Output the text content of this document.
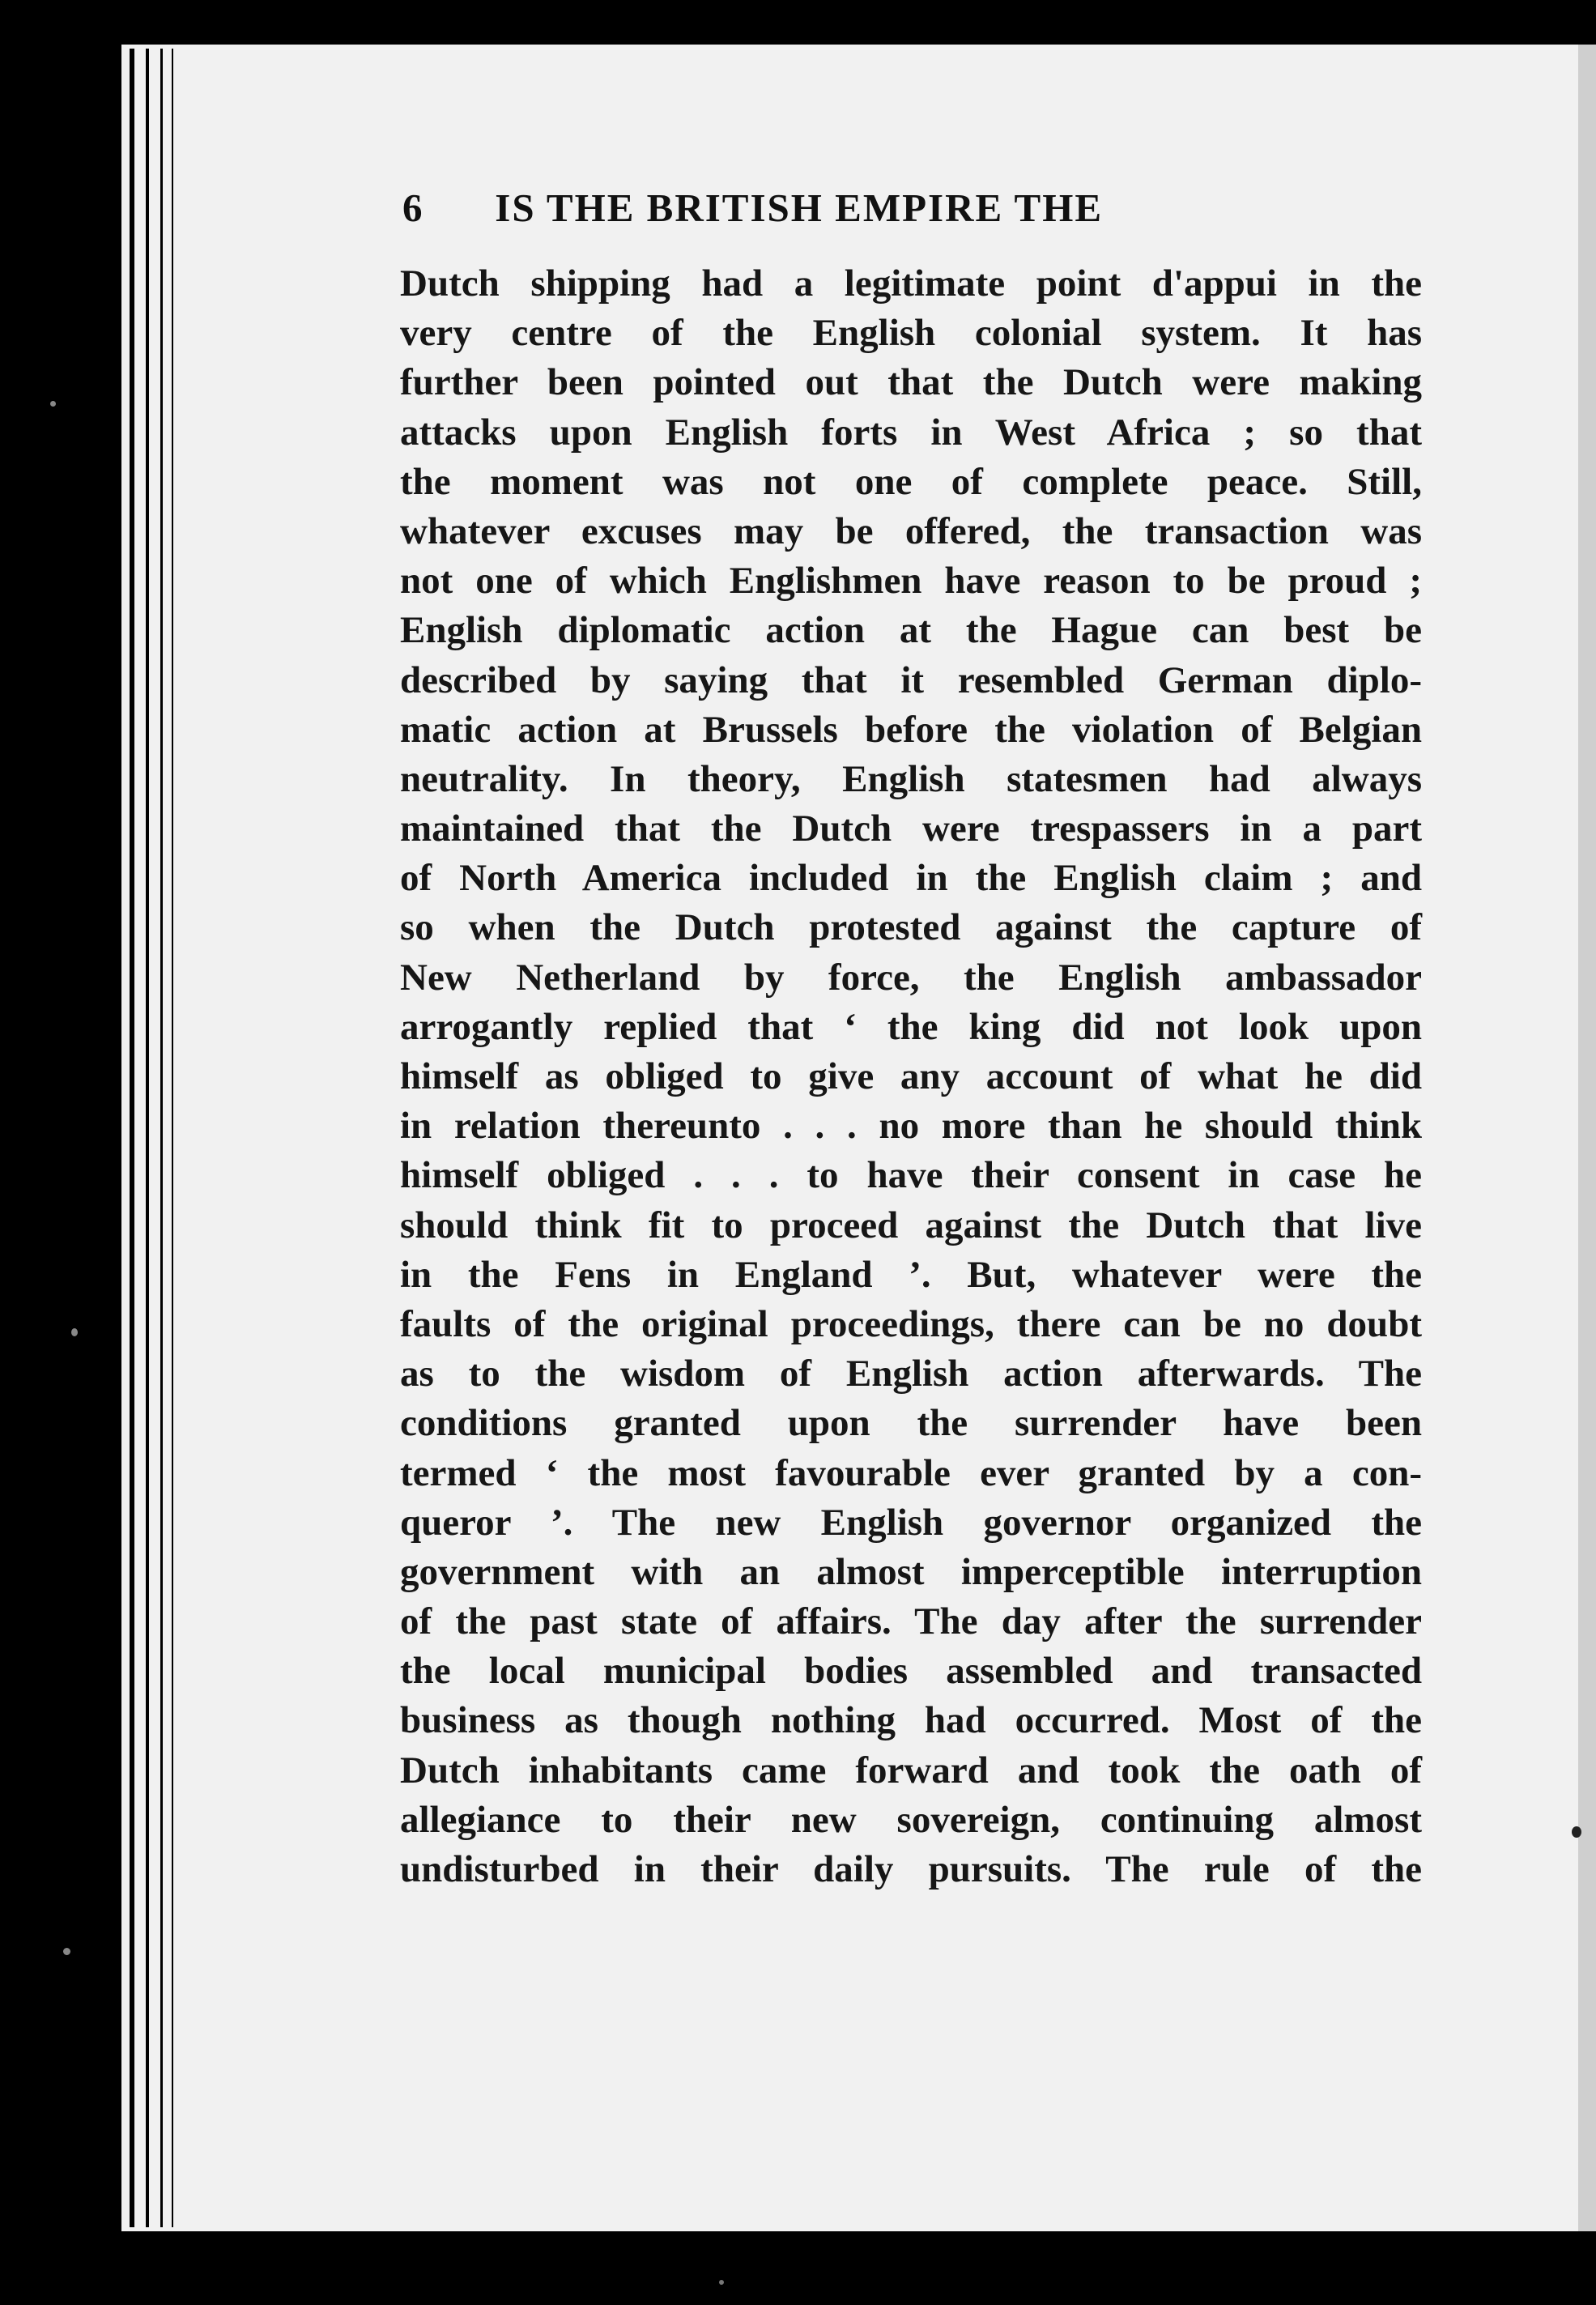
6 IS THE BRITISH EMPIRE THE
Dutch shipping had a legitimate point d'appui in the
very centre of the English colonial system. It has
further been pointed out that the Dutch were making
attacks upon English forts in West Africa ; so that
the moment was not one of complete peace. Still,
whatever excuses may be offered, the transaction was
not one of which Englishmen have reason to be proud ;
English diplomatic action at the Hague can best be
described by saying that it resembled German diplo-
matic action at Brussels before the violation of Belgian
neutrality. In theory, English statesmen had always
maintained that the Dutch were trespassers in a part
of North America included in the English claim ; and
so when the Dutch protested against the capture of
New Netherland by force, the English ambassador
arrogantly replied that ‘ the king did not look upon
himself as obliged to give any account of what he did
in relation thereunto . . . no more than he should think
himself obliged . . . to have their consent in case he
should think fit to proceed against the Dutch that live
in the Fens in England ’. But, whatever were the
faults of the original proceedings, there can be no doubt
as to the wisdom of English action afterwards. The
conditions granted upon the surrender have been
termed ‘ the most favourable ever granted by a con-
queror ’. The new English governor organized the
government with an almost imperceptible interruption
of the past state of affairs. The day after the surrender
the local municipal bodies assembled and transacted
business as though nothing had occurred. Most of the
Dutch inhabitants came forward and took the oath of
allegiance to their new sovereign, continuing almost
undisturbed in their daily pursuits. The rule of the
